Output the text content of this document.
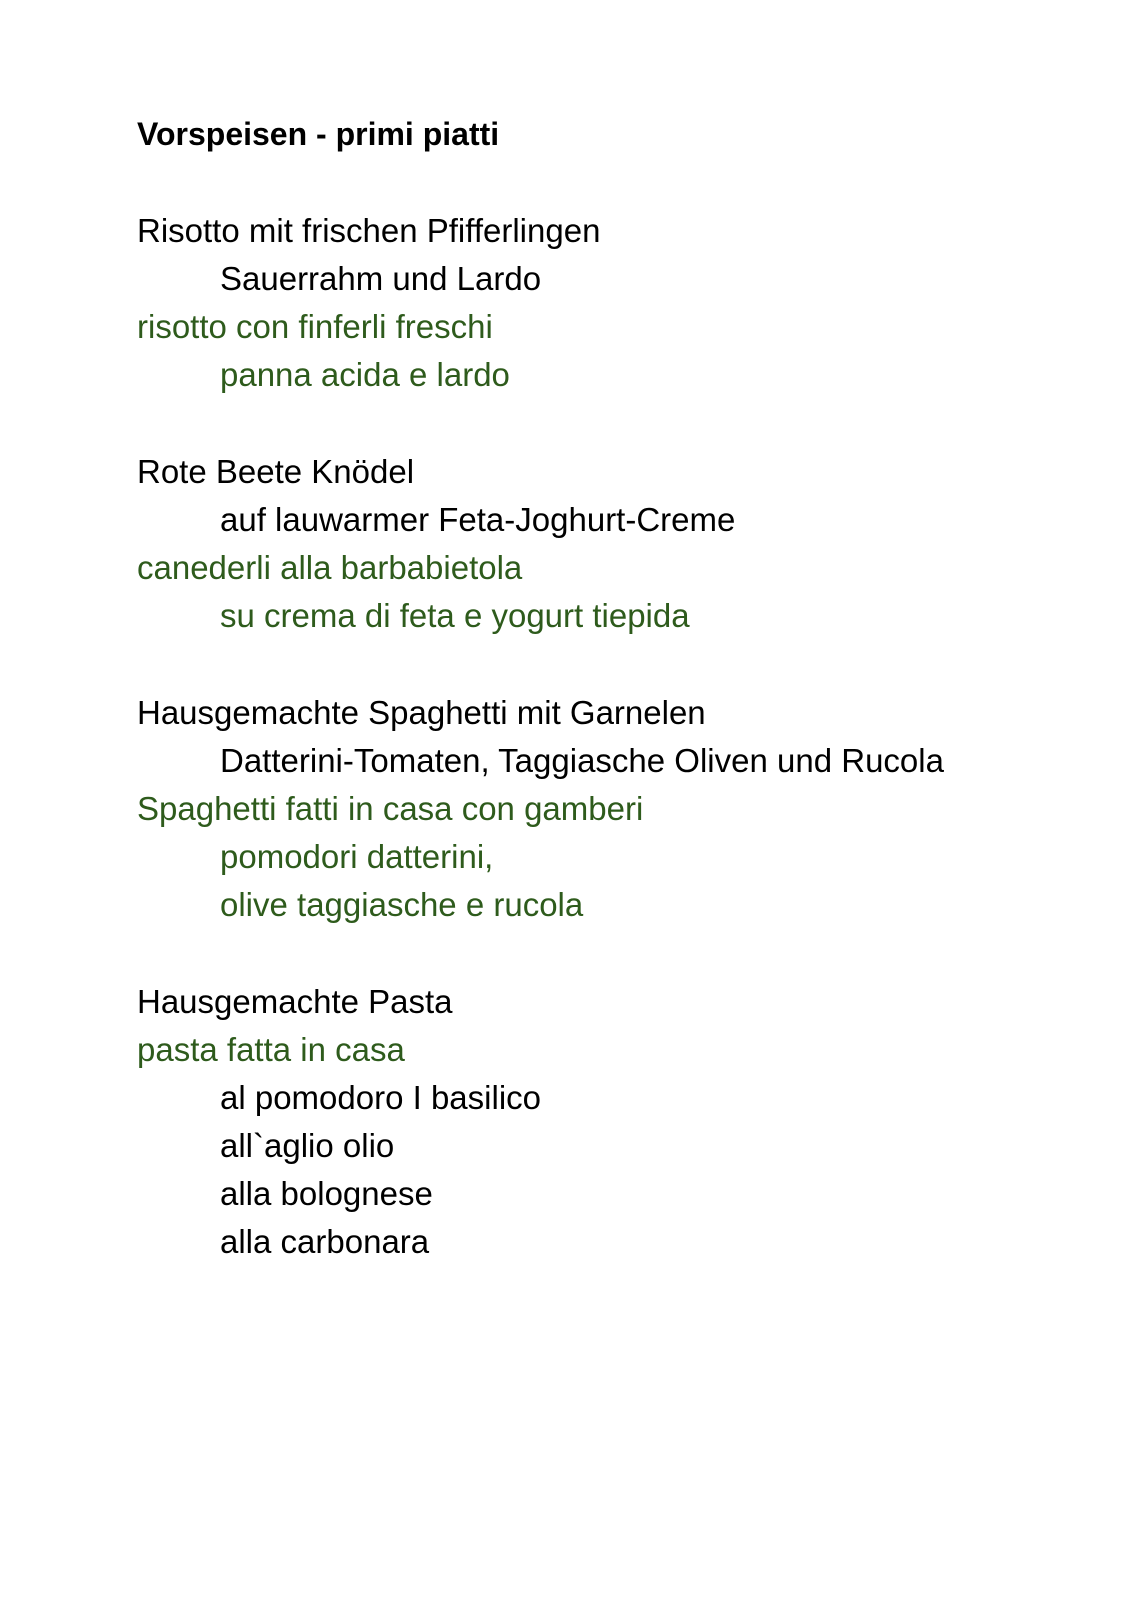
Vorspeisen - primi piatti
Risotto mit frischen Pfifferlingen
Sauerrahm und Lardo
risotto con finferli freschi
panna acida e lardo
Rote Beete Knödel
auf lauwarmer Feta-Joghurt-Creme
canederli alla barbabietola
su crema di feta e yogurt tiepida
Hausgemachte Spaghetti mit Garnelen
Datterini-Tomaten, Taggiasche Oliven und Rucola
Spaghetti fatti in casa con gamberi
pomodori datterini,
olive taggiasche e rucola
Hausgemachte Pasta
pasta fatta in casa
al pomodoro I basilico
all`aglio olio
alla bolognese
alla carbonara
